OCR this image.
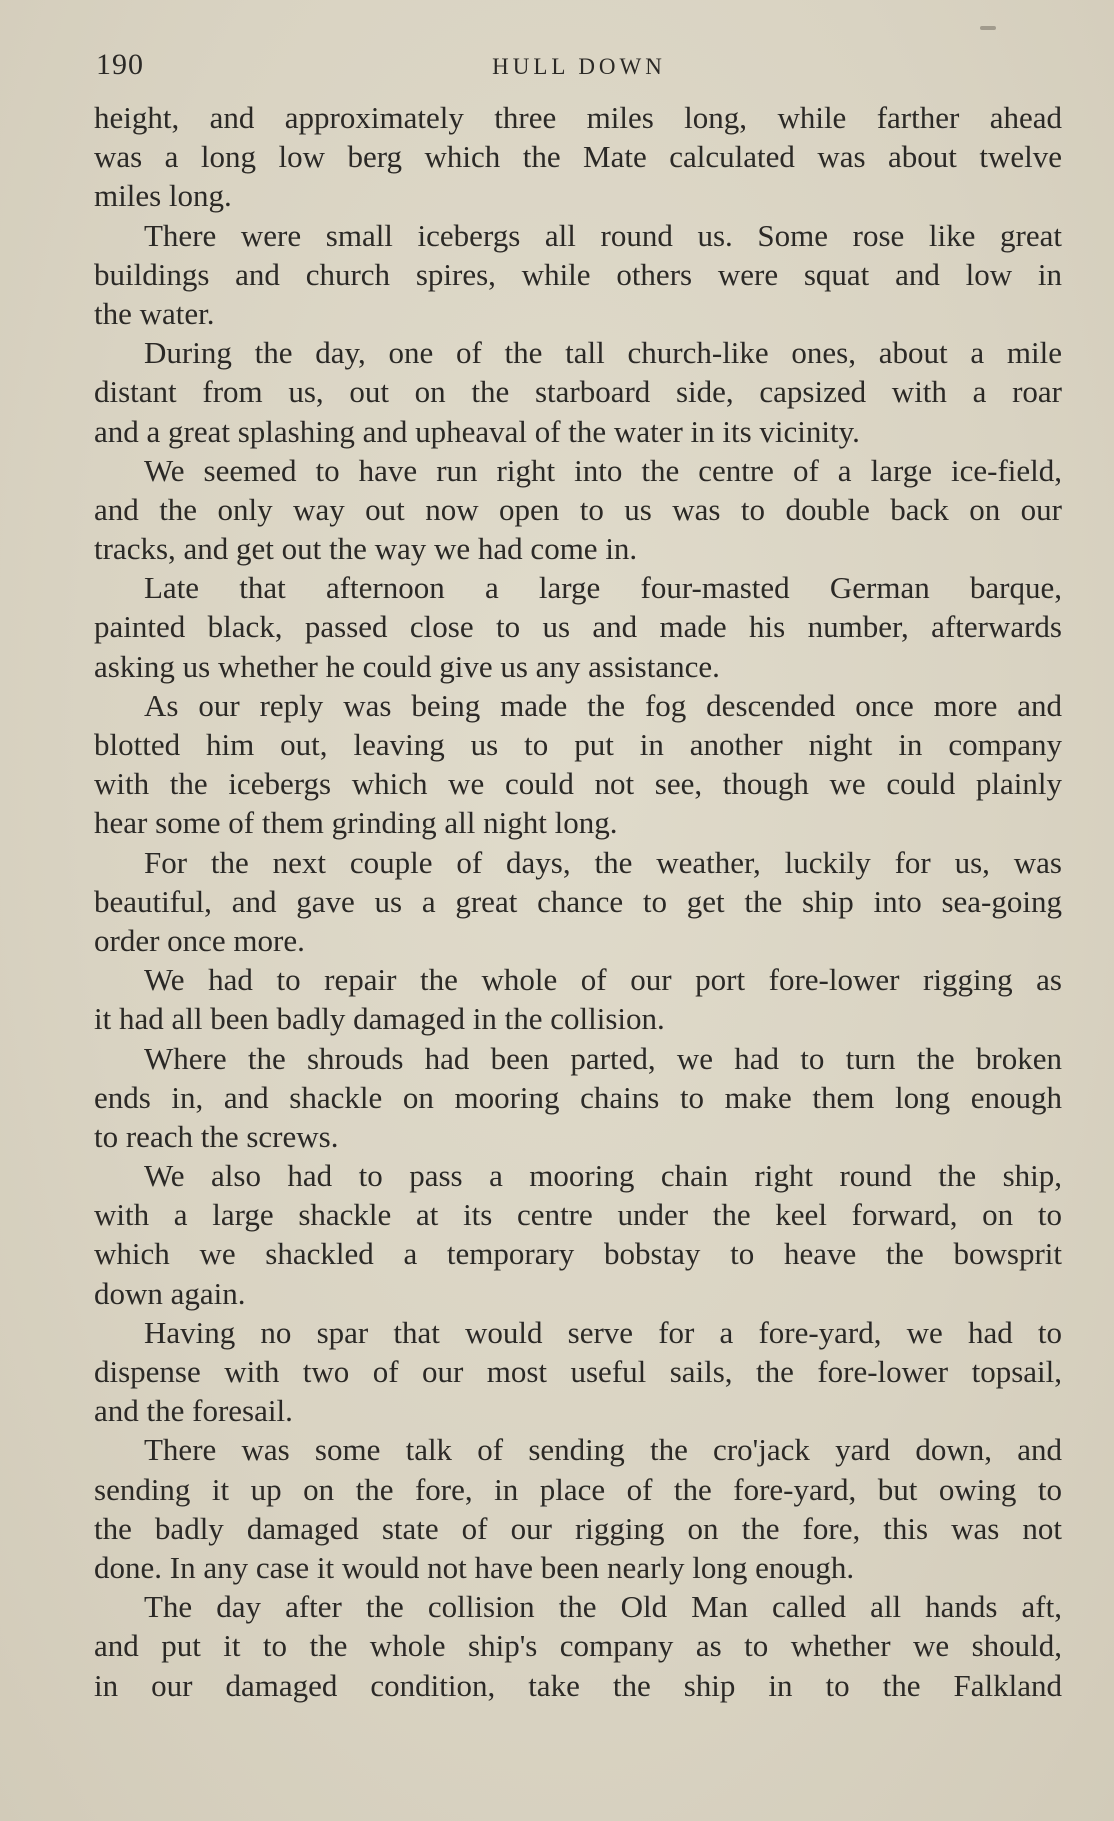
190	HULL DOWN
height, and approximately three miles long, while farther ahead
was a long low berg which the Mate calculated was about twelve
miles long.
There were small icebergs all round us. Some rose like great
buildings and church spires, while others were squat and low in
the water.
During the day, one of the tall church-like ones, about a mile
distant from us, out on the starboard side, capsized with a roar
and a great splashing and upheaval of the water in its vicinity.
We seemed to have run right into the centre of a large ice-field,
and the only way out now open to us was to double back on our
tracks, and get out the way we had come in.
Late that afternoon a large four-masted German barque,
painted black, passed close to us and made his number, afterwards
asking us whether he could give us any assistance.
As our reply was being made the fog descended once more and
blotted him out, leaving us to put in another night in company
with the icebergs which we could not see, though we could plainly
hear some of them grinding all night long.
For the next couple of days, the weather, luckily for us, was
beautiful, and gave us a great chance to get the ship into sea-going
order once more.
We had to repair the whole of our port fore-lower rigging as
it had all been badly damaged in the collision.
Where the shrouds had been parted, we had to turn the broken
ends in, and shackle on mooring chains to make them long enough
to reach the screws.
We also had to pass a mooring chain right round the ship,
with a large shackle at its centre under the keel forward, on to
which we shackled a temporary bobstay to heave the bowsprit
down again.
Having no spar that would serve for a fore-yard, we had to
dispense with two of our most useful sails, the fore-lower topsail,
and the foresail.
There was some talk of sending the cro'jack yard down, and
sending it up on the fore, in place of the fore-yard, but owing to
the badly damaged state of our rigging on the fore, this was not
done. In any case it would not have been nearly long enough.
The day after the collision the Old Man called all hands aft,
and put it to the whole ship's company as to whether we should,
in our damaged condition, take the ship in to the Falkland
